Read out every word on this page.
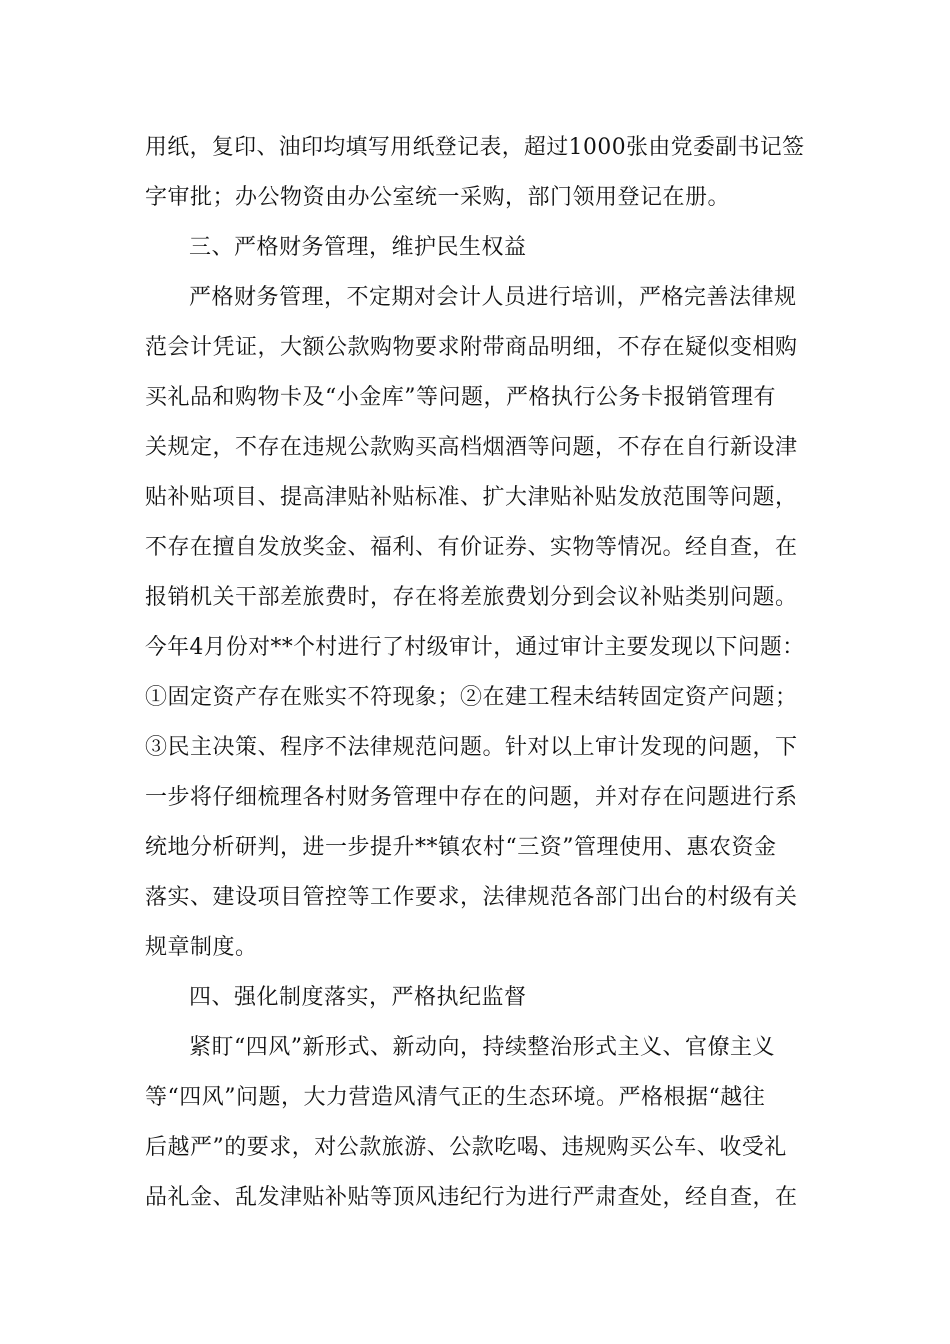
用纸，复印、油印均填写用纸登记表，超过1000张由党委副书记签
字审批；办公物资由办公室统一采购，部门领用登记在册。
三、严格财务管理，维护民生权益
严格财务管理，不定期对会计人员进行培训，严格完善法律规
范会计凭证，大额公款购物要求附带商品明细，不存在疑似变相购
买礼品和购物卡及“小金库”等问题，严格执行公务卡报销管理有
关规定，不存在违规公款购买高档烟酒等问题，不存在自行新设津
贴补贴项目、提高津贴补贴标准、扩大津贴补贴发放范围等问题，
不存在擅自发放奖金、福利、有价证券、实物等情况。经自查，在
报销机关干部差旅费时，存在将差旅费划分到会议补贴类别问题。
今年4月份对**个村进行了村级审计，通过审计主要发现以下问题：
①固定资产存在账实不符现象；②在建工程未结转固定资产问题；
③民主决策、程序不法律规范问题。针对以上审计发现的问题，下
一步将仔细梳理各村财务管理中存在的问题，并对存在问题进行系
统地分析研判，进一步提升**镇农村“三资”管理使用、惠农资金
落实、建设项目管控等工作要求，法律规范各部门出台的村级有关
规章制度。
四、强化制度落实，严格执纪监督
紧盯“四风”新形式、新动向，持续整治形式主义、官僚主义
等“四风”问题，大力营造风清气正的生态环境。严格根据“越往
后越严”的要求，对公款旅游、公款吃喝、违规购买公车、收受礼
品礼金、乱发津贴补贴等顶风违纪行为进行严肃查处，经自查，在
